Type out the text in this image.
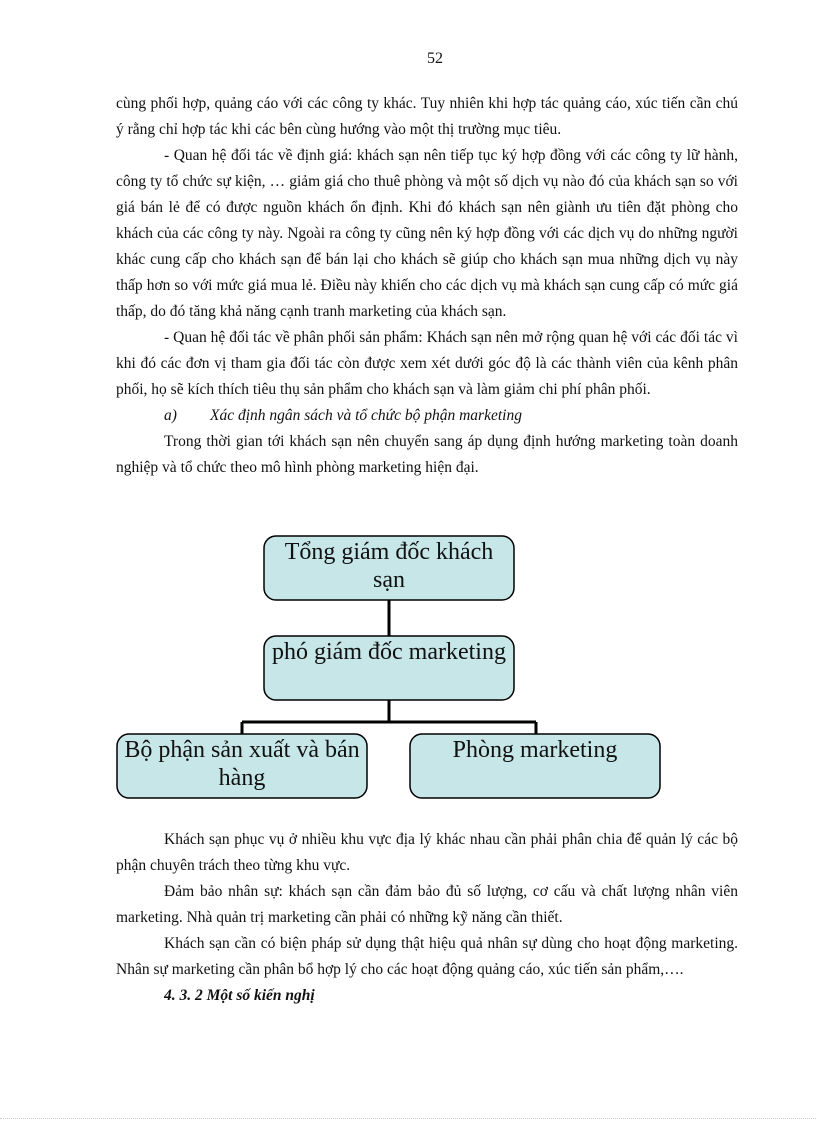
52

cùng phối hợp, quảng cáo với các công ty khác. Tuy nhiên khi hợp tác quảng cáo, xúc tiến cần chú ý rằng chỉ hợp tác khi các bên cùng hướng vào một thị trường mục tiêu.

- Quan hệ đối tác về định giá: khách sạn nên tiếp tục ký hợp đồng với các công ty lữ hành, công ty tổ chức sự kiện, … giảm giá cho thuê phòng và một số dịch vụ nào đó của khách sạn so với giá bán lẻ để có được nguồn khách ổn định. Khi đó khách sạn nên giành ưu tiên đặt phòng cho khách của các công ty này. Ngoài ra công ty cũng nên ký hợp đồng với các dịch vụ do những người khác cung cấp cho khách sạn để bán lại cho khách sẽ giúp cho khách sạn mua những dịch vụ này thấp hơn so với mức giá mua lẻ. Điều này khiến cho các dịch vụ mà khách sạn cung cấp có mức giá thấp, do đó tăng khả năng cạnh tranh marketing của khách sạn.

- Quan hệ đối tác về phân phối sản phẩm: Khách sạn nên mở rộng quan hệ với các đối tác vì khi đó các đơn vị tham gia đối tác còn được xem xét dưới góc độ là các thành viên của kênh phân phối, họ sẽ kích thích tiêu thụ sản phẩm cho khách sạn và làm giảm chi phí phân phối.

a) Xác định ngân sách và tổ chức bộ phận marketing

Trong thời gian tới khách sạn nên chuyển sang áp dụng định hướng marketing toàn doanh nghiệp và tổ chức theo mô hình phòng marketing hiện đại.

Tổng giám đốc khách
sạn
phó giám đốc marketing
Bộ phận sản xuất và bán
hàng
Phòng marketing

Khách sạn phục vụ ở nhiều khu vực địa lý khác nhau cần phải phân chia để quản lý các bộ phận chuyên trách theo từng khu vực.

Đảm bảo nhân sự: khách sạn cần đảm bảo đủ số lượng, cơ cấu và chất lượng nhân viên marketing. Nhà quản trị marketing cần phải có những kỹ năng cần thiết.

Khách sạn cần có biện pháp sử dụng thật hiệu quả nhân sự dùng cho hoạt động marketing. Nhân sự marketing cần phân bổ hợp lý cho các hoạt động quảng cáo, xúc tiến sản phẩm,….

4. 3. 2 Một số kiến nghị
